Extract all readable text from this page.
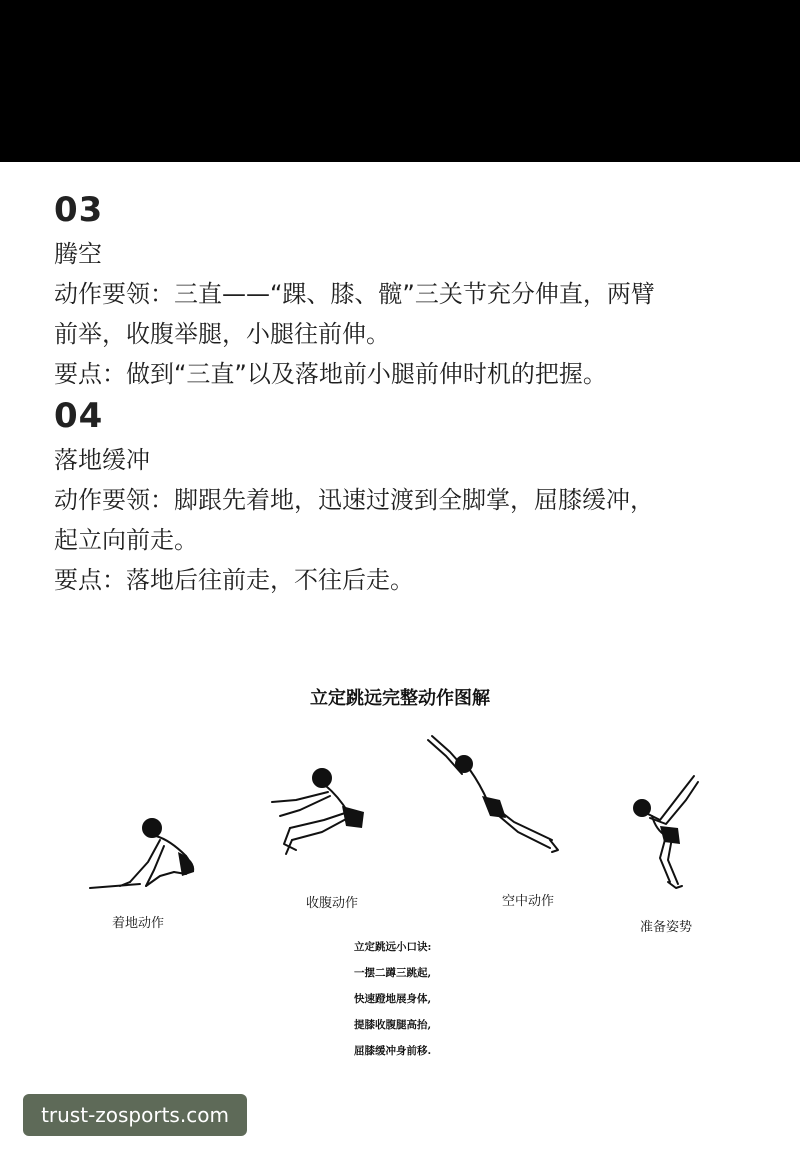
03

腾空

动作要领：三直——“踝、膝、髋”三关节充分伸直，两臂

前举，收腹举腿，小腿往前伸。

要点：做到“三直”以及落地前小腿前伸时机的把握。

04

落地缓冲

动作要领：脚跟先着地，迅速过渡到全脚掌，屈膝缓冲，

起立向前走。

要点：落地后往前走，不往后走。

立定跳远完整动作图解
着地动作
收腹动作	空中动作
准备姿势
立定跳远小口诀:
一摆二蹲三跳起,
快速蹬地展身体,
提膝收腹腿高抬,
屈膝缓冲身前移.
trust-zosports.com
